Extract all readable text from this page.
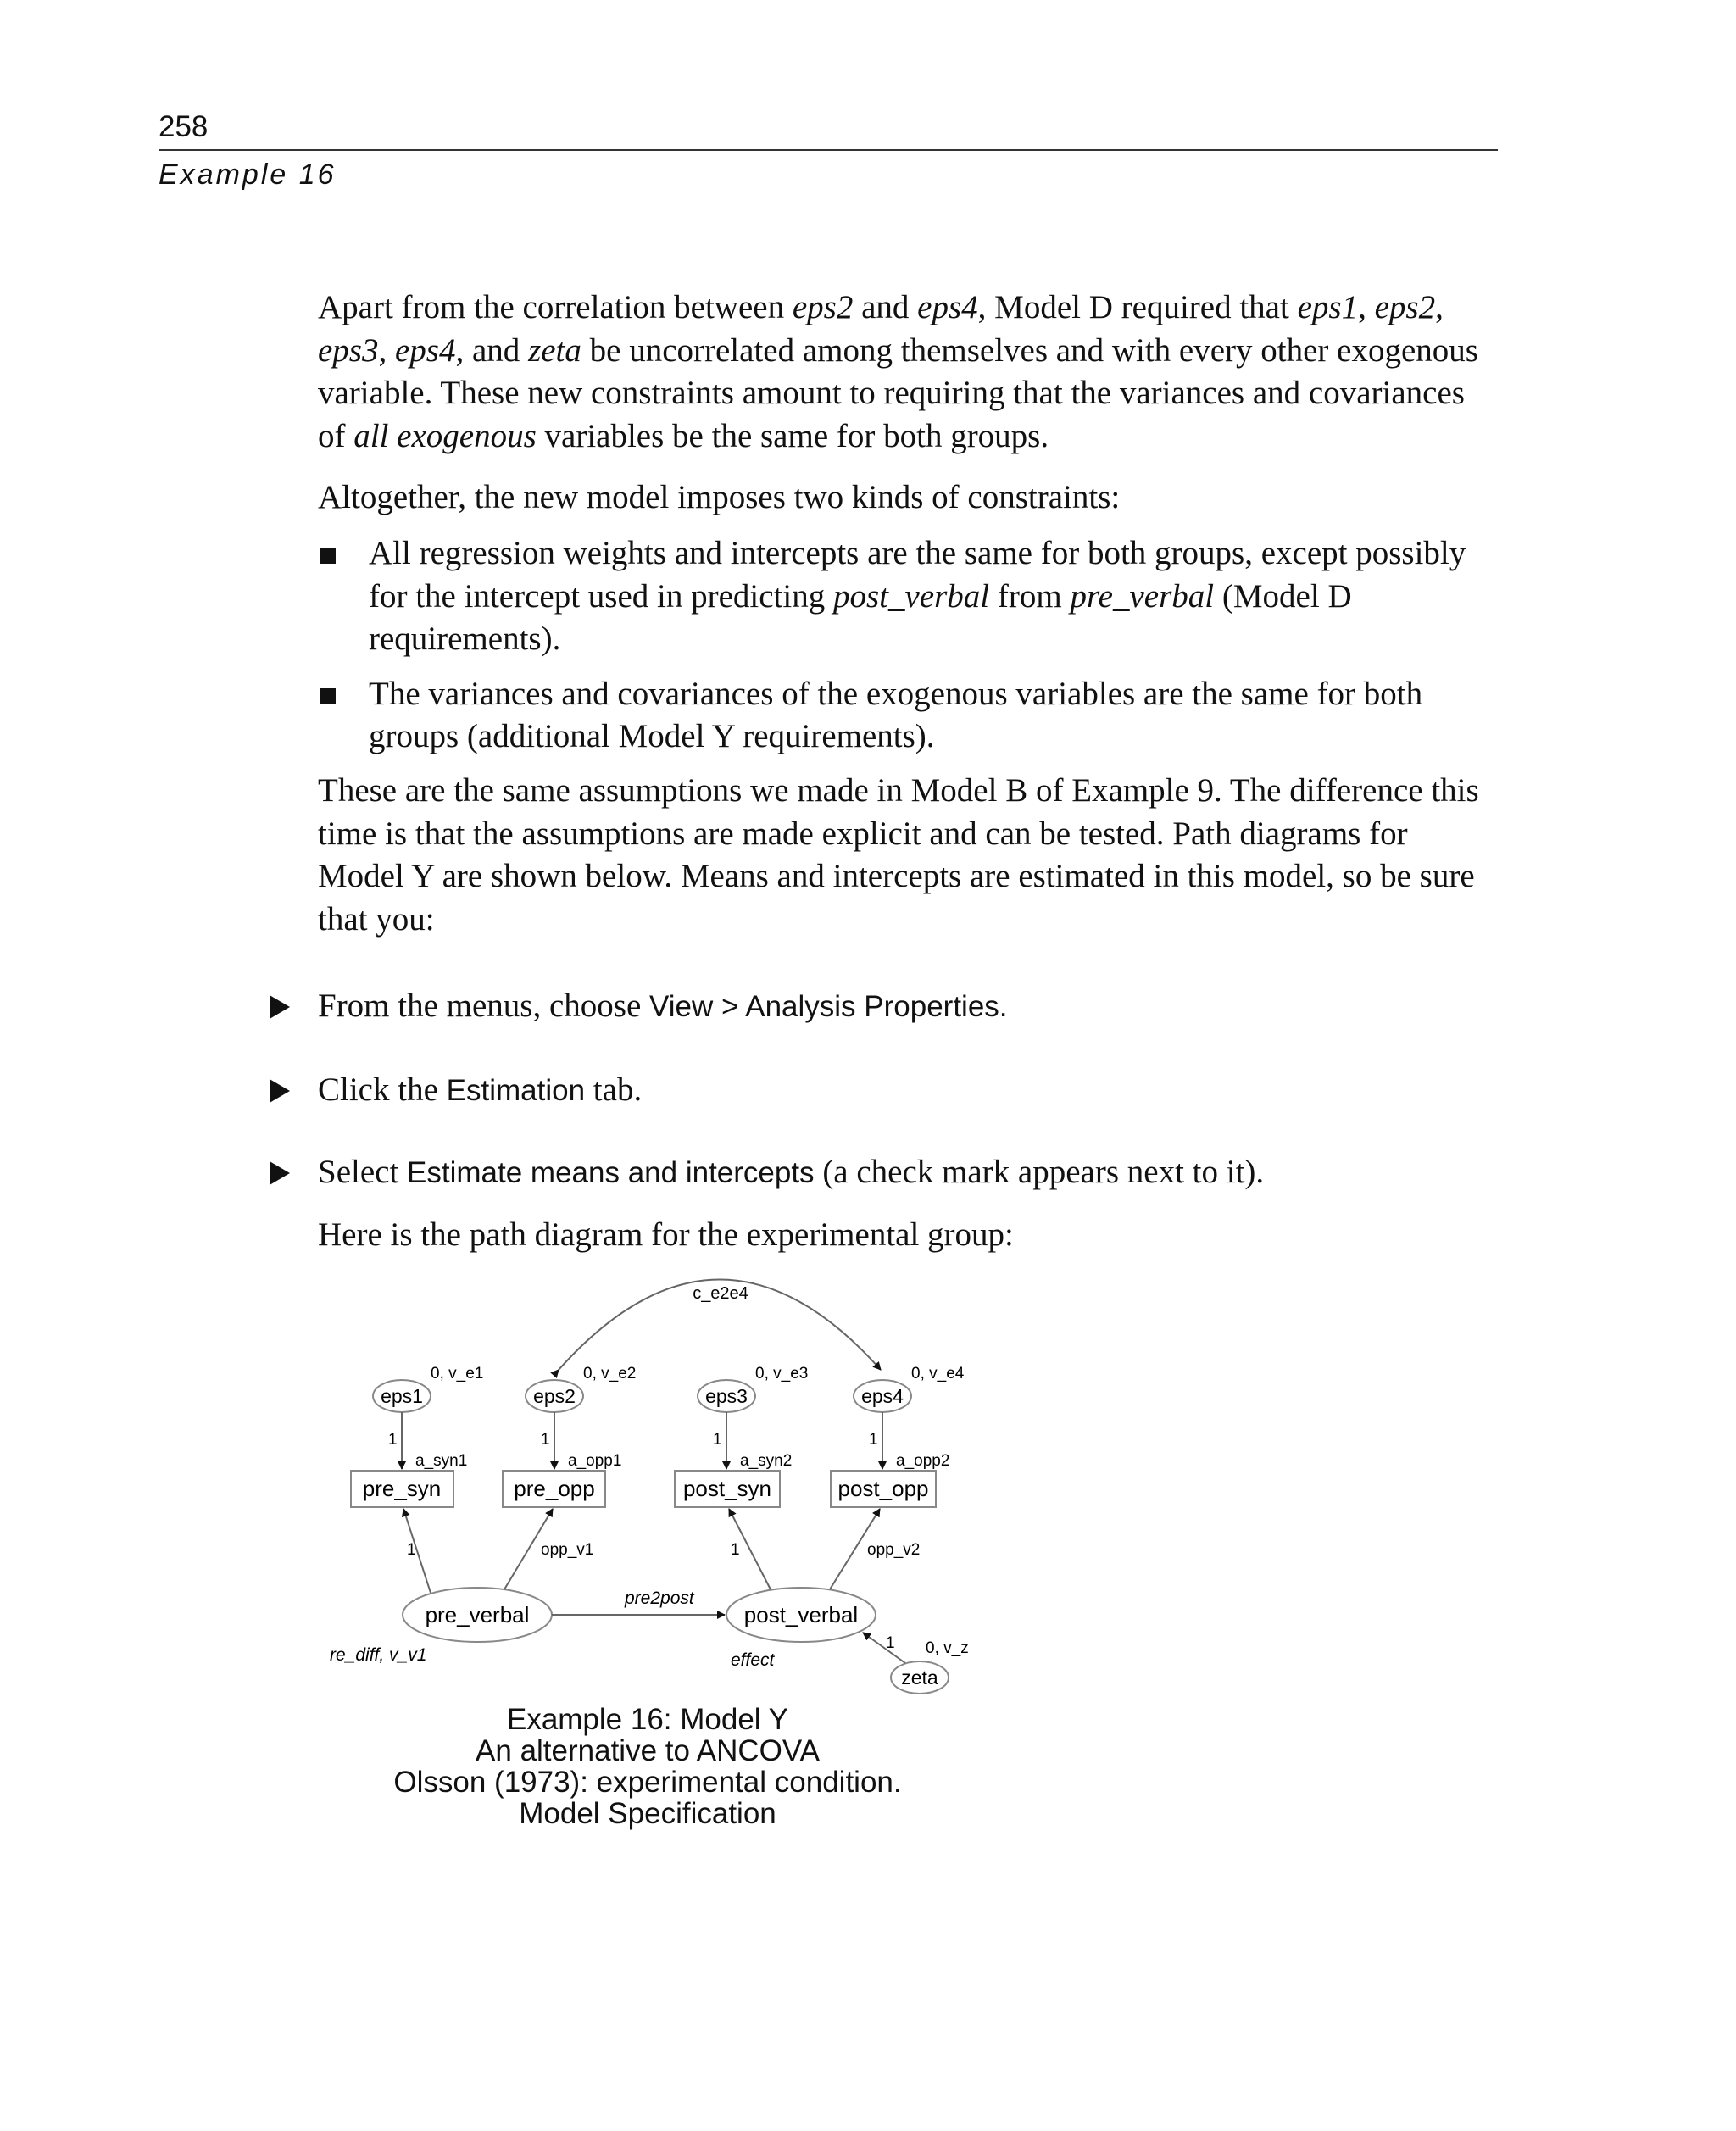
258
Example 16

Apart from the correlation between eps2 and eps4, Model D required that eps1, eps2, eps3, eps4, and zeta be uncorrelated among themselves and with every other exogenous variable. These new constraints amount to requiring that the variances and covariances of all exogenous variables be the same for both groups.

Altogether, the new model imposes two kinds of constraints:

All regression weights and intercepts are the same for both groups, except possibly for the intercept used in predicting post_verbal from pre_verbal (Model D requirements).
The variances and covariances of the exogenous variables are the same for both groups (additional Model Y requirements).

These are the same assumptions we made in Model B of Example 9. The difference this time is that the assumptions are made explicit and can be tested. Path diagrams for Model Y are shown below. Means and intercepts are estimated in this model, so be sure that you:

From the menus, choose View > Analysis Properties.
Click the Estimation tab.
Select Estimate means and intercepts (a check mark appears next to it).

Here is the path diagram for the experimental group:

c_e2e4
eps1	eps2	eps3	eps4
0, v_e1	0, v_e2	0, v_e3	0, v_e4
1	1	1	1
a_syn1	a_opp1	a_syn2	a_opp2
pre_syn	pre_opp	post_syn	post_opp
pre_verbal	post_verbal
1	opp_v1	1	opp_v2
pre2post
re_diff, v_v1	effect
zeta
1 0, v_z
Example 16: Model Y
An alternative to ANCOVA
Olsson (1973): experimental condition.
Model Specification
